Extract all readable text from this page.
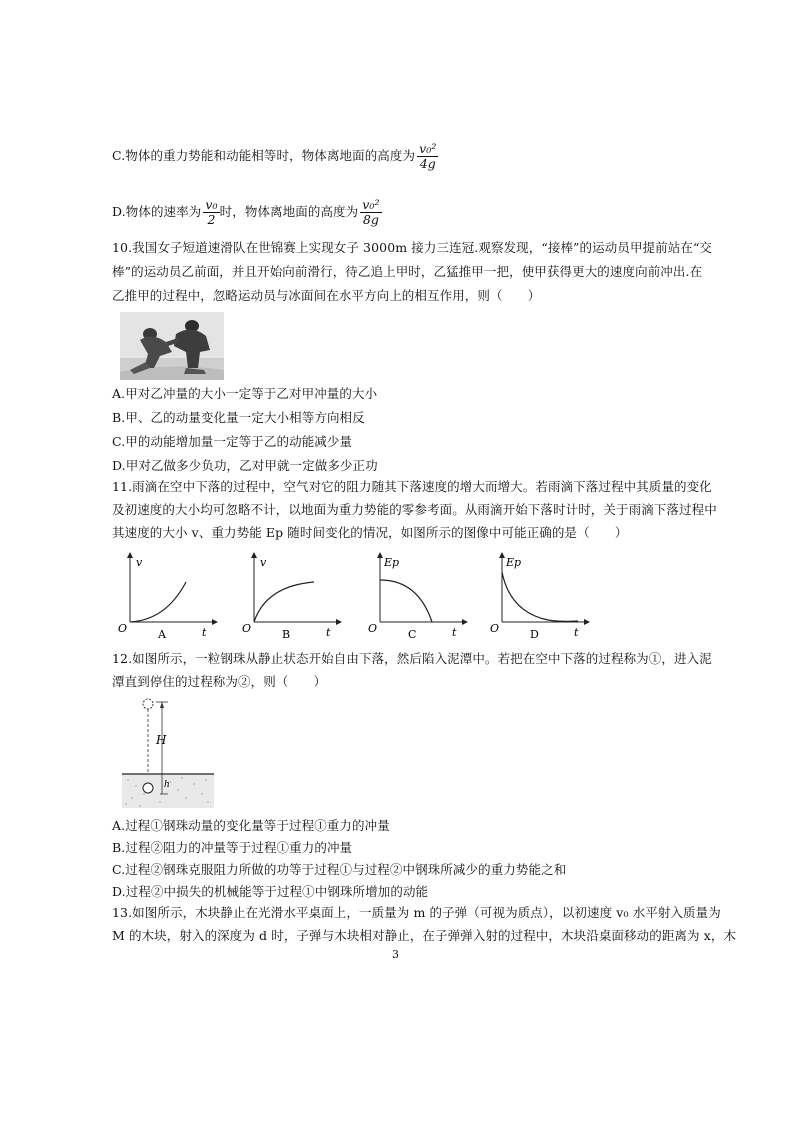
C.物体的重力势能和动能相等时，物体离地面的高度为 $\frac{\text{v₀²}}{4g}$
D.物体的速率为 $\frac{\text{v₀}}{2}$ 时，物体离地面的高度为 $\frac{\text{v₀²}}{8g}$
10.我国女子短道速滑队在世锦赛上实现女子 3000m 接力三连冠.观察发现，“接棒”的运动员甲提前站在“交
棒”的运动员乙前面，并且开始向前滑行，待乙追上甲时，乙猛推甲一把，使甲获得更大的速度向前冲出.在
乙推甲的过程中，忽略运动员与冰面间在水平方向上的相互作用，则（　　）
A.甲对乙冲量的大小一定等于乙对甲冲量的大小
B.甲、乙的动量变化量一定大小相等方向相反
C.甲的动能增加量一定等于乙的动能减少量
D.甲对乙做多少负功，乙对甲就一定做多少正功
11.雨滴在空中下落的过程中，空气对它的阻力随其下落速度的增大而增大。若雨滴下落过程中其质量的变化
及初速度的大小均可忽略不计，以地面为重力势能的零参考面。从雨滴开始下落时计时，关于雨滴下落过程中
其速度的大小 v、重力势能 Ep 随时间变化的情况，如图所示的图像中可能正确的是（　　）
v
t
O	A
v
t
O	B
Ep
t
O	C
Ep
t
O	D
12.如图所示，一粒钢珠从静止状态开始自由下落，然后陷入泥潭中。若把在空中下落的过程称为①，进入泥
潭直到停住的过程称为②，则（　　）
H
h
A.过程①钢珠动量的变化量等于过程①重力的冲量
B.过程②阻力的冲量等于过程①重力的冲量
C.过程②钢珠克服阻力所做的功等于过程①与过程②中钢珠所减少的重力势能之和
D.过程②中损失的机械能等于过程①中钢珠所增加的动能
13.如图所示，木块静止在光滑水平桌面上，一质量为 m 的子弹（可视为质点），以初速度 v₀ 水平射入质量为
M 的木块，射入的深度为 d 时，子弹与木块相对静止，在子弹弹入射的过程中，木块沿桌面移动的距离为 x，木
3
